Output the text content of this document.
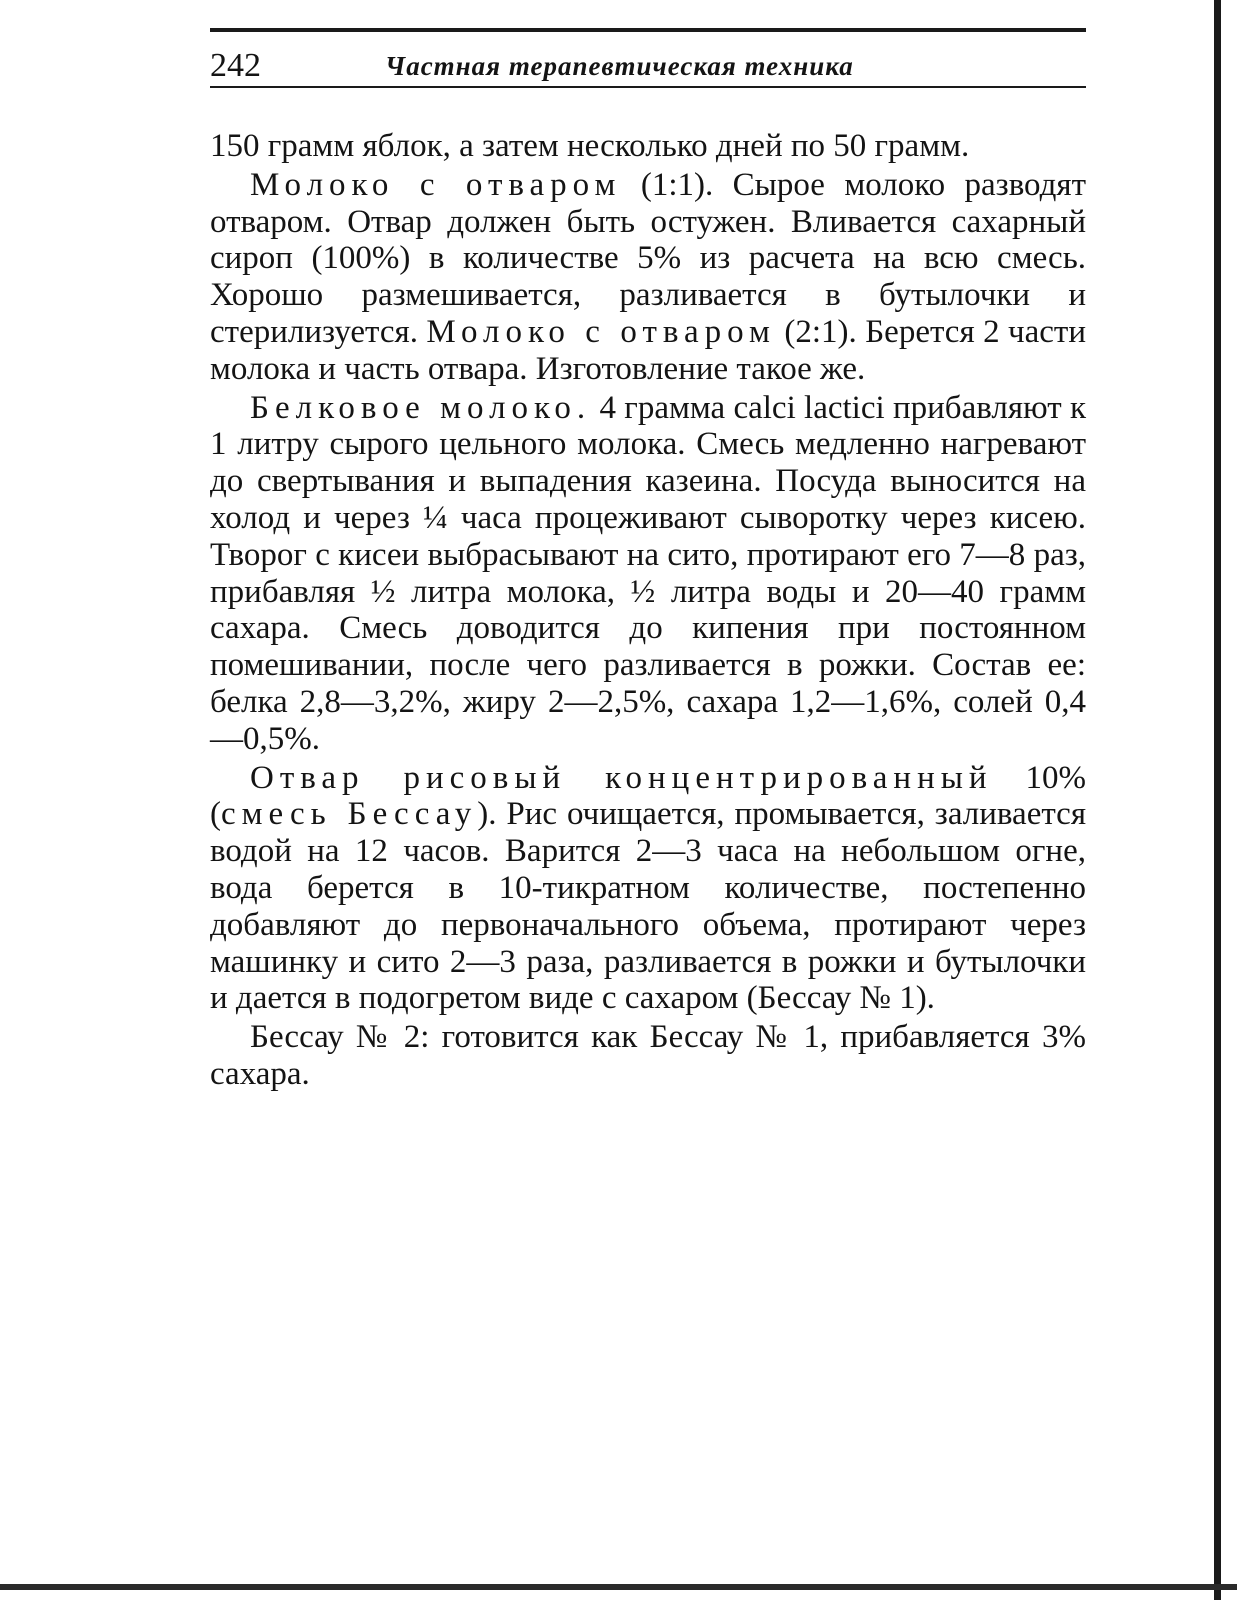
242	Частная терапевтическая техника

150 грамм яблок, а затем несколько дней по 50 грамм.

Молоко с отваром (1:1). Сырое молоко разводят отваром. Отвар должен быть остужен. Вливается сахарный сироп (100%) в количестве 5% из расчета на всю смесь. Хорошо размешивается, разливается в бутылочки и стерилизуется. Молоко с отваром (2:1). Берется 2 части молока и часть отвара. Изготовление такое же.

Белковое молоко. 4 грамма calci lactici прибавляют к 1 литру сырого цельного молока. Смесь медленно нагревают до свертывания и выпадения казеина. Посуда выносится на холод и через ¼ часа процеживают сыворотку через кисею. Творог с кисеи выбрасывают на сито, протирают его 7—8 раз, прибавляя ½ литра молока, ½ литра воды и 20—40 грамм сахара. Смесь доводится до кипения при постоянном помешивании, после чего разливается в рожки. Состав ее: белка 2,8—3,2%, жиру 2—2,5%, сахара 1,2—1,6%, солей 0,4—0,5%.

Отвар рисовый концентрированный 10% (смесь Бессау). Рис очищается, промывается, заливается водой на 12 часов. Варится 2—3 часа на небольшом огне, вода берется в 10-тикратном количестве, постепенно добавляют до первоначального объема, протирают через машинку и сито 2—3 раза, разливается в рожки и бутылочки и дается в подогретом виде с сахаром (Бессау № 1).

Бессау № 2: готовится как Бессау № 1, прибавляется 3% сахара.
